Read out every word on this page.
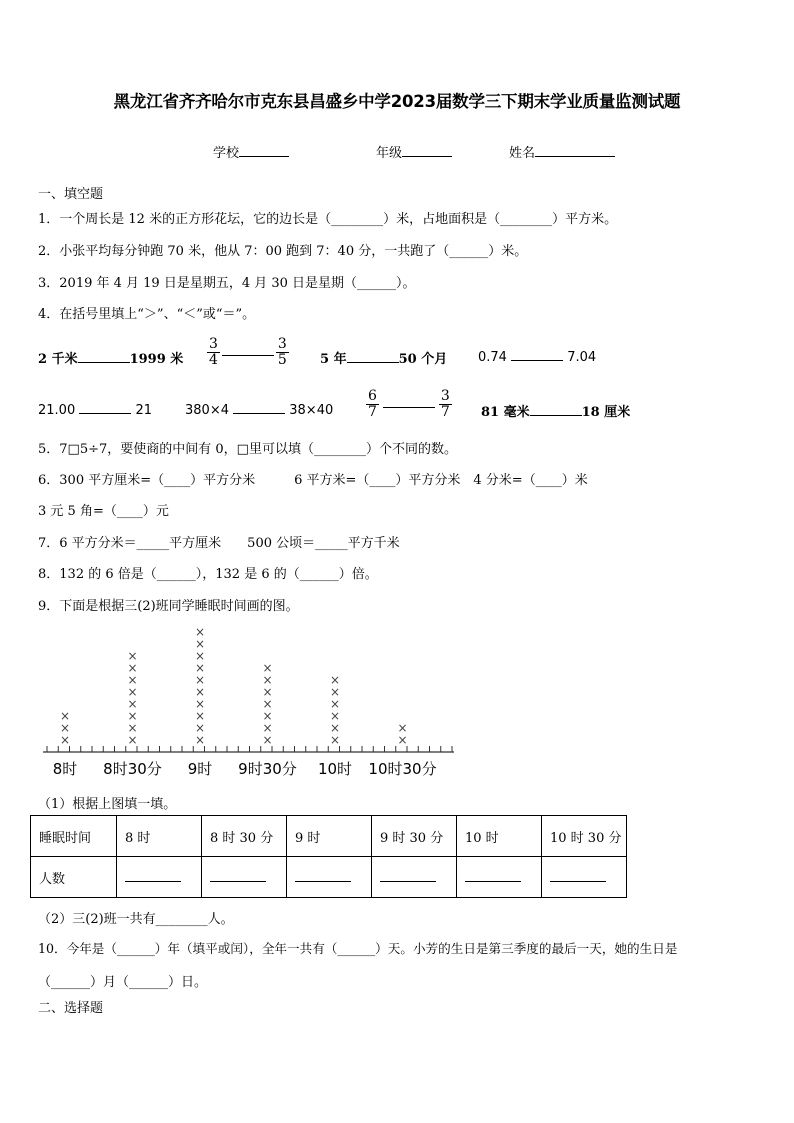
黑龙江省齐齐哈尔市克东县昌盛乡中学2023届数学三下期末学业质量监测试题
学校	年级	姓名
一、填空题
1．一个周长是 12 米的正方形花坛，它的边长是（________）米，占地面积是（________）平方米。
2．小张平均每分钟跑 70 米，他从 7：00 跑到 7：40 分，一共跑了（______）米。
3．2019 年 4 月 19 日是星期五，4 月 30 日是星期（______）。
4．在括号里填上“＞”、“＜”或“＝”。
2 千米	1999 米 $\frac{3}{4}$	$\frac{3}{5} 5$ 年	50 个月 0.74	7.04
21.00	21	380×4	$38\times 40 \frac{6}{7}$	$\frac{3}{7} 81$ 毫米	18 厘米
5．7□5÷7，要使商的中间有 0，□里可以填（________）个不同的数。
6．300 平方厘米=（____）平方分米　　　6 平方米=（____）平方分米　4 分米=（____）米
3 元 5 角=（____）元
7．6 平方分米＝_____平方厘米　　500 公顷＝_____平方千米
8．132 的 6 倍是（______），132 是 6 的（______）倍。
9．下面是根据三(2)班同学睡眠时间画的图。
×
×
×
×
×
×
×
×
×
×
×
×
×
×
×
×
×
×
×
×
×
×
×
×
×
×
×
×
×
×
×
×
×
×
×
×
8时 8时30分 9时 9时30分 10时 10时30分
（1）根据上图填一填。
睡眠时间	8 时	8 时 30 分	9 时	9 时 30 分	10 时	10 时 30 分
人数						
（2）三(2)班一共有________人。
10．今年是（______）年（填平或闰），全年一共有（______）天。小芳的生日是第三季度的最后一天，她的生日是
（______）月（______）日。
二、选择题
